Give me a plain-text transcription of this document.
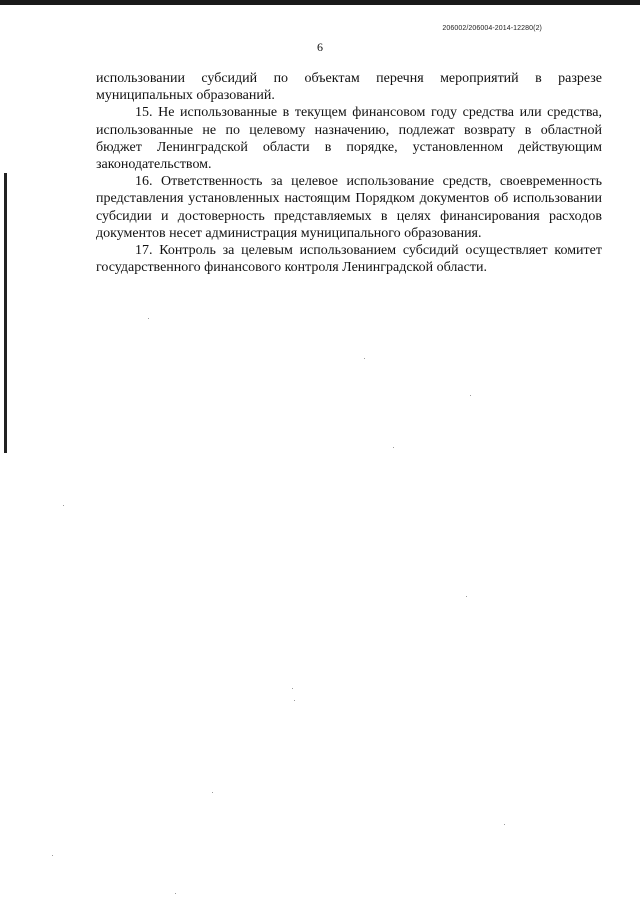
206002/206004-2014-12280(2)
6

использовании субсидий по объектам перечня мероприятий в разрезе муниципальных образований.

15. Не использованные в текущем финансовом году средства или средства, использованные не по целевому назначению, подлежат возврату в областной бюджет Ленинградской области в порядке, установленном действующим законодательством.

16. Ответственность за целевое использование средств, своевременность представления установленных настоящим Порядком документов об использовании субсидии и достоверность представляемых в целях финансирования расходов документов несет администрация муниципального образования.

17. Контроль за целевым использованием субсидий осуществляет комитет государственного финансового контроля Ленинградской области.
